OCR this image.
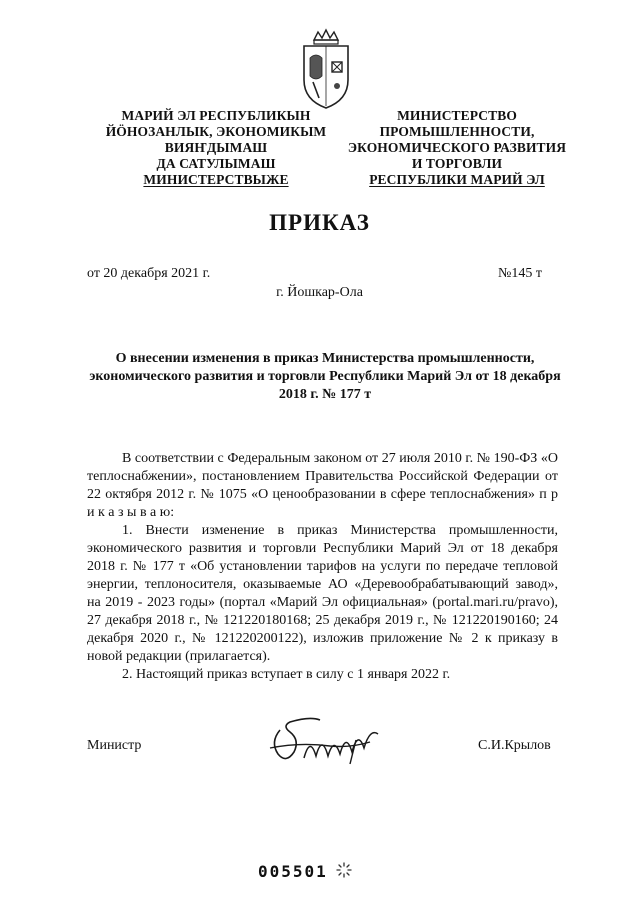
МАРИЙ ЭЛ РЕСПУБЛИКЫН
ЙӦНОЗАНЛЫК, ЭКОНОМИКЫМ
ВИЯҤДЫМАШ
ДА САТУЛЫМАШ
МИНИСТЕРСТВЫЖЕ
МИНИСТЕРСТВО
ПРОМЫШЛЕННОСТИ,
ЭКОНОМИЧЕСКОГО РАЗВИТИЯ
И ТОРГОВЛИ
РЕСПУБЛИКИ МАРИЙ ЭЛ
ПРИКАЗ
от 20 декабря 2021 г.	№145 т
г. Йошкар-Ола
О внесении изменения в приказ Министерства промышленности, экономического развития и торговли Республики Марий Эл от 18 декабря 2018 г. № 177 т

В соответствии с Федеральным законом от 27 июля 2010 г. № 190-ФЗ «О теплоснабжении», постановлением Правительства Российской Федерации от 22 октября 2012 г. № 1075 «О ценообразовании в сфере теплоснабжения» п р и к а з ы в а ю:

1. Внести изменение в приказ Министерства промышленности, экономического развития и торговли Республики Марий Эл от 18 декабря 2018 г. № 177 т «Об установлении тарифов на услуги по передаче тепловой энергии, теплоносителя, оказываемые АО «Деревообрабатывающий завод», на 2019 - 2023 годы» (портал «Марий Эл официальная» (portal.mari.ru/pravo), 27 декабря 2018 г., № 121220180168; 25 декабря 2019 г., № 121220190160; 24 декабря 2020 г., № 121220200122), изложив приложение № 2 к приказу в новой редакции (прилагается).

2. Настоящий приказ вступает в силу с 1 января 2022 г.

Министр	С.И.Крылов
005501
